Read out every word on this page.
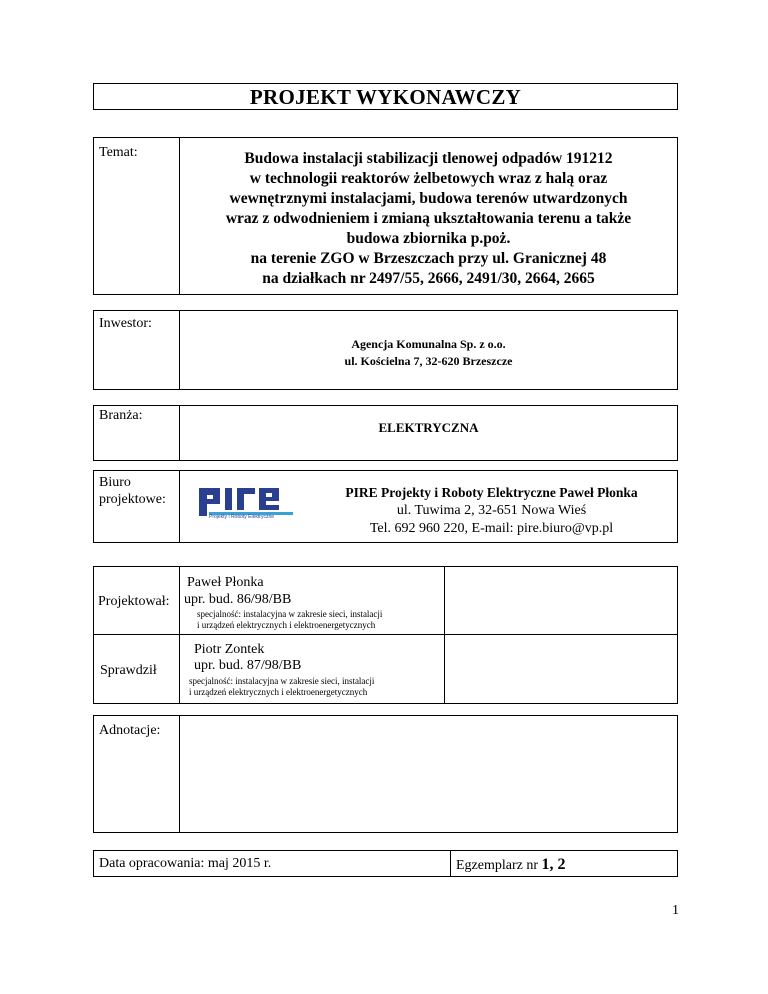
PROJEKT WYKONAWCZY
Temat:	Budowa instalacji stabilizacji tlenowej odpadów 191212
w technologii reaktorów żelbetowych wraz z halą oraz
wewnętrznymi instalacjami, budowa terenów utwardzonych
wraz z odwodnieniem i zmianą ukształtowania terenu a także
budowa zbiornika p.poż.
na terenie ZGO w Brzeszczach przy ul. Granicznej 48
na działkach nr 2497/55, 2666, 2491/30, 2664, 2665
Inwestor:
Agencja Komunalna Sp. z o.o.
ul. Kościelna 7, 32-620 Brzeszcze
Branża:
ELEKTRYCZNA
Biuro
projektowe:
Projekty i Roboty Elektryczne
PIRE Projekty i Roboty Elektryczne Paweł Płonka
ul. Tuwima 2, 32-651 Nowa Wieś
Tel. 692 960 220, E-mail: pire.biuro@vp.pl
Projektował:
Paweł Płonka
upr. bud. 86/98/BB
specjalność: instalacyjna w zakresie sieci, instalacji
i urządzeń elektrycznych i elektroenergetycznych
Sprawdził
Piotr Zontek
upr. bud. 87/98/BB
specjalność: instalacyjna w zakresie sieci, instalacji
i urządzeń elektrycznych i elektroenergetycznych
Adnotacje:
Data opracowania: maj 2015 r.	Egzemplarz nr 1, 2
1
